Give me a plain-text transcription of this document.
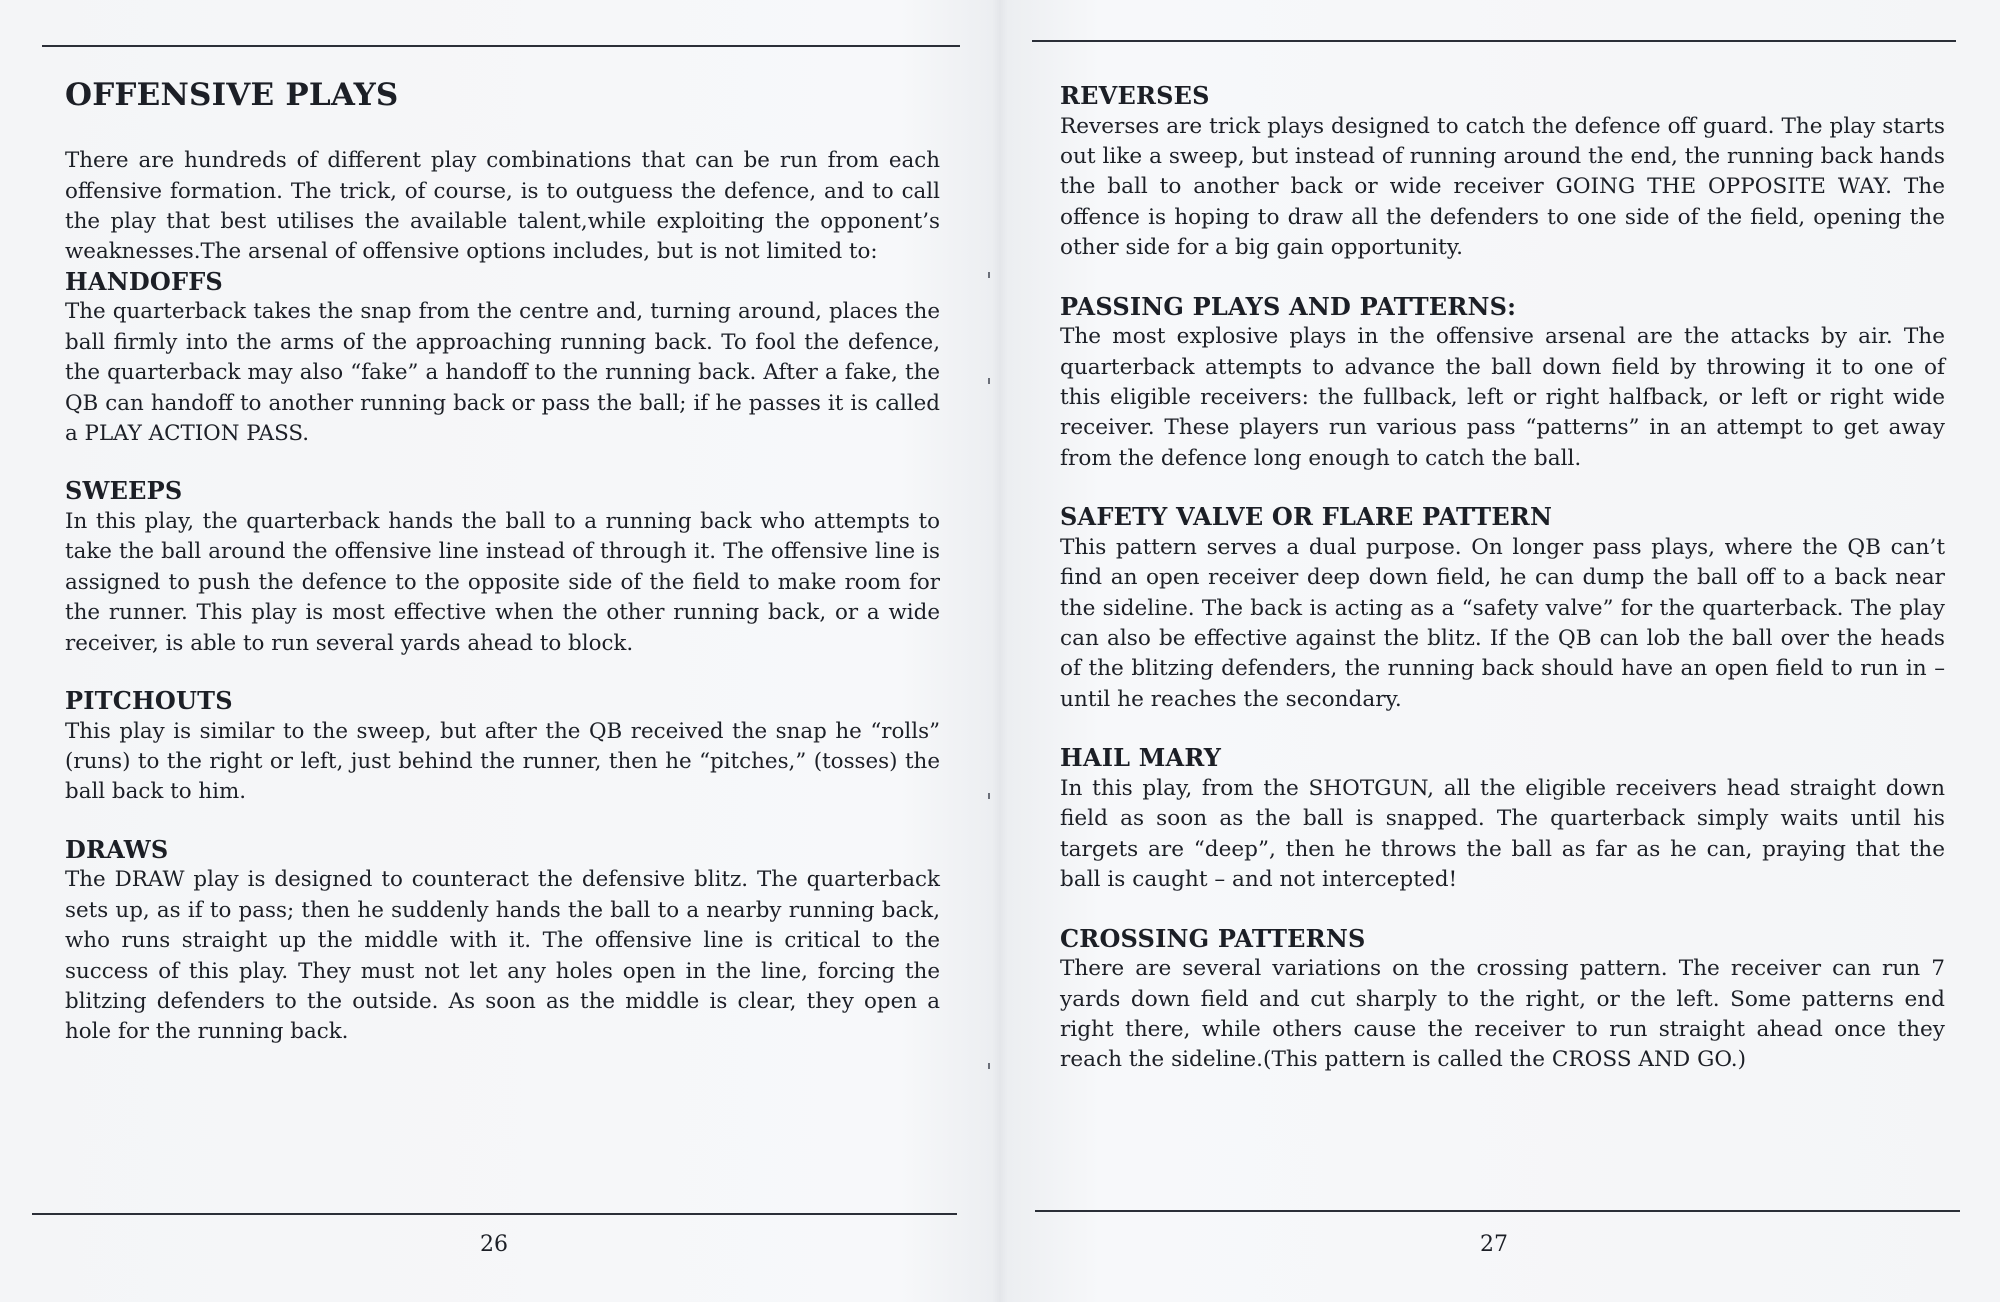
OFFENSIVE PLAYS

There are hundreds of different play combinations that can be run from each offensive formation. The trick, of course, is to outguess the defence, and to call the play that best utilises the available talent,while exploiting the opponent’s weaknesses.The arsenal of offensive options includes, but is not limited to:

HANDOFFS

The quarterback takes the snap from the centre and, turning around, places the ball firmly into the arms of the approaching running back. To fool the defence, the quarterback may also “fake” a handoff to the running back. After a fake, the QB can handoff to another running back or pass the ball; if he passes it is called a PLAY ACTION PASS.

SWEEPS

In this play, the quarterback hands the ball to a running back who attempts to take the ball around the offensive line instead of through it. The offensive line is assigned to push the defence to the opposite side of the field to make room for the runner. This play is most effective when the other running back, or a wide receiver, is able to run several yards ahead to block.

PITCHOUTS

This play is similar to the sweep, but after the QB received the snap he “rolls” (runs) to the right or left, just behind the runner, then he “pitches,” (tosses) the ball back to him.

DRAWS

The DRAW play is designed to counteract the defensive blitz. The quarterback sets up, as if to pass; then he suddenly hands the ball to a nearby running back, who runs straight up the middle with it. The offensive line is critical to the success of this play. They must not let any holes open in the line, forcing the blitzing defenders to the outside. As soon as the middle is clear, they open a hole for the running back.

26
REVERSES

Reverses are trick plays designed to catch the defence off guard. The play starts out like a sweep, but instead of running around the end, the running back hands the ball to another back or wide receiver GOING THE OPPOSITE WAY. The offence is hoping to draw all the defenders to one side of the field, opening the other side for a big gain opportunity.

PASSING PLAYS AND PATTERNS:

The most explosive plays in the offensive arsenal are the attacks by air. The quarterback attempts to advance the ball down field by throwing it to one of this eligible receivers: the fullback, left or right halfback, or left or right wide receiver. These players run various pass “patterns” in an attempt to get away from the defence long enough to catch the ball.

SAFETY VALVE OR FLARE PATTERN

This pattern serves a dual purpose. On longer pass plays, where the QB can’t find an open receiver deep down field, he can dump the ball off to a back near the sideline. The back is acting as a “safety valve” for the quarterback. The play can also be effective against the blitz. If the QB can lob the ball over the heads of the blitzing defenders, the running back should have an open field to run in – until he reaches the secondary.

HAIL MARY

In this play, from the SHOTGUN, all the eligible receivers head straight down field as soon as the ball is snapped. The quarterback simply waits until his targets are “deep”, then he throws the ball as far as he can, praying that the ball is caught – and not intercepted!

CROSSING PATTERNS

There are several variations on the crossing pattern. The receiver can run 7 yards down field and cut sharply to the right, or the left. Some patterns end right there, while others cause the receiver to run straight ahead once they reach the sideline.(This pattern is called the CROSS AND GO.)

27
